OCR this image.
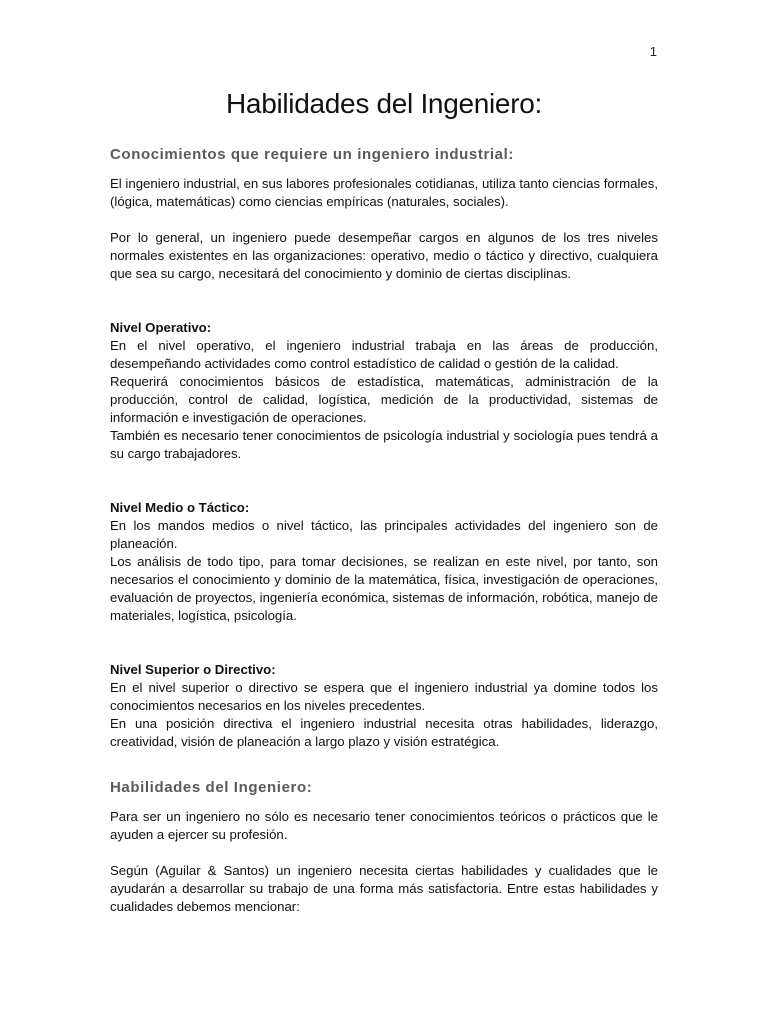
1
Habilidades del Ingeniero:
Conocimientos que requiere un ingeniero industrial:

El ingeniero industrial, en sus labores profesionales cotidianas, utiliza tanto ciencias formales, (lógica, matemáticas) como ciencias empíricas (naturales, sociales).

Por lo general, un ingeniero puede desempeñar cargos en algunos de los tres niveles normales existentes en las organizaciones: operativo, medio o táctico y directivo, cualquiera que sea su cargo, necesitará del conocimiento y dominio de ciertas disciplinas.

Nivel Operativo:

En el nivel operativo, el ingeniero industrial trabaja en las áreas de producción, desempeñando actividades como control estadístico de calidad o gestión de la calidad.

Requerirá conocimientos básicos de estadística, matemáticas, administración de la producción, control de calidad, logística, medición de la productividad, sistemas de información e investigación de operaciones.

También es necesario tener conocimientos de psicología industrial y sociología pues tendrá a su cargo trabajadores.

Nivel Medio o Táctico:

En los mandos medios o nivel táctico, las principales actividades del ingeniero son de planeación.

Los análisis de todo tipo, para tomar decisiones, se realizan en este nivel, por tanto, son necesarios el conocimiento y dominio de la matemática, física, investigación de operaciones, evaluación de proyectos, ingeniería económica, sistemas de información, robótica, manejo de materiales, logística, psicología.

Nivel Superior o Directivo:

En el nivel superior o directivo se espera que el ingeniero industrial ya domine todos los conocimientos necesarios en los niveles precedentes.

En una posición directiva el ingeniero industrial necesita otras habilidades, liderazgo, creatividad, visión de planeación a largo plazo y visión estratégica.

Habilidades del Ingeniero:

Para ser un ingeniero no sólo es necesario tener conocimientos teóricos o prácticos que le ayuden a ejercer su profesión.

Según (Aguilar & Santos) un ingeniero necesita ciertas habilidades y cualidades que le ayudarán a desarrollar su trabajo de una forma más satisfactoria. Entre estas habilidades y cualidades debemos mencionar:
